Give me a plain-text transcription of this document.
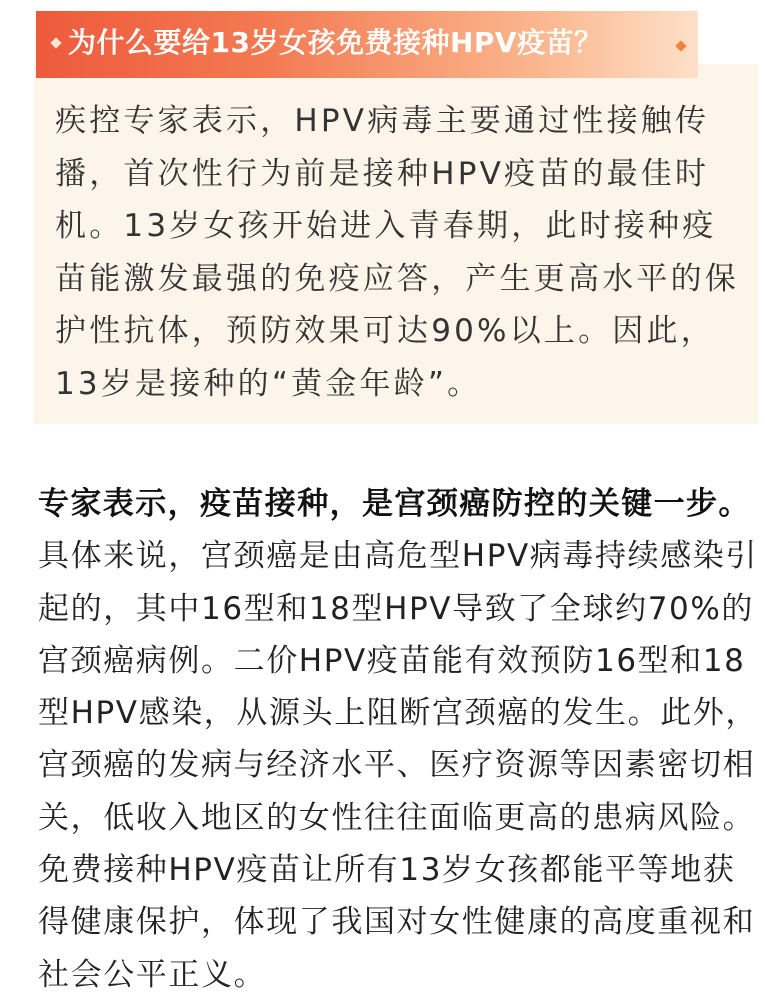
为什么要给13岁女孩免费接种HPV疫苗？

疾控专家表示，HPV病毒主要通过性接触传播，首次性行为前是接种HPV疫苗的最佳时机。13岁女孩开始进入青春期，此时接种疫苗能激发最强的免疫应答，产生更高水平的保护性抗体，预防效果可达90%以上。因此，13岁是接种的“黄金年龄”。

专家表示，疫苗接种，是宫颈癌防控的关键一步。具体来说，宫颈癌是由高危型HPV病毒持续感染引起的，其中16型和18型HPV导致了全球约70%的宫颈癌病例。二价HPV疫苗能有效预防16型和18型HPV感染，从源头上阻断宫颈癌的发生。此外，宫颈癌的发病与经济水平、医疗资源等因素密切相关，低收入地区的女性往往面临更高的患病风险。免费接种HPV疫苗让所有13岁女孩都能平等地获得健康保护，体现了我国对女性健康的高度重视和社会公平正义。
